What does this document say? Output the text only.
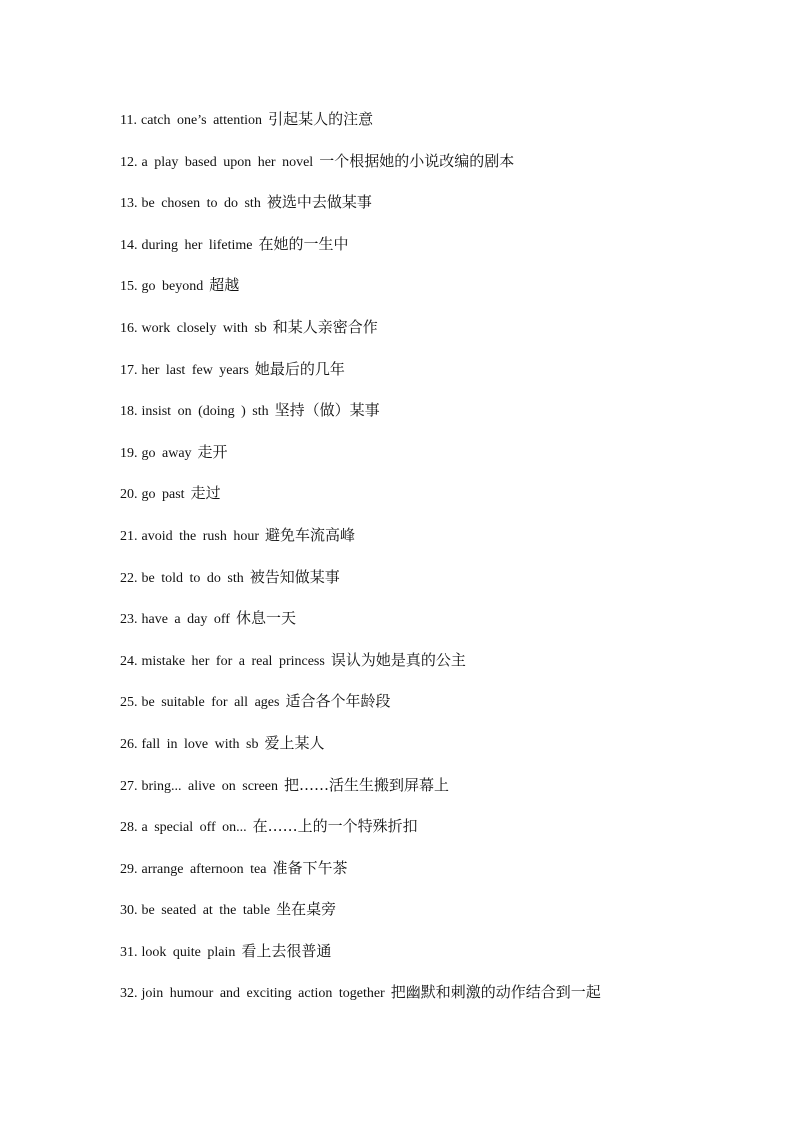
11. catch one’s attention 引起某人的注意
12. a play based upon her novel 一个根据她的小说改编的剧本
13. be chosen to do sth 被选中去做某事
14. during her lifetime 在她的一生中
15. go beyond 超越
16. work closely with sb 和某人亲密合作
17. her last few years 她最后的几年
18. insist on (doing ) sth 坚持（做）某事
19. go away 走开
20. go past 走过
21. avoid the rush hour 避免车流高峰
22. be told to do sth 被告知做某事
23. have a day off 休息一天
24. mistake her for a real princess 误认为她是真的公主
25. be suitable for all ages 适合各个年龄段
26. fall in love with sb 爱上某人
27. bring... alive on screen 把……活生生搬到屏幕上
28. a special off on... 在……上的一个特殊折扣
29. arrange afternoon tea 准备下午茶
30. be seated at the table 坐在桌旁
31. look quite plain 看上去很普通
32. join humour and exciting action together 把幽默和刺激的动作结合到一起
